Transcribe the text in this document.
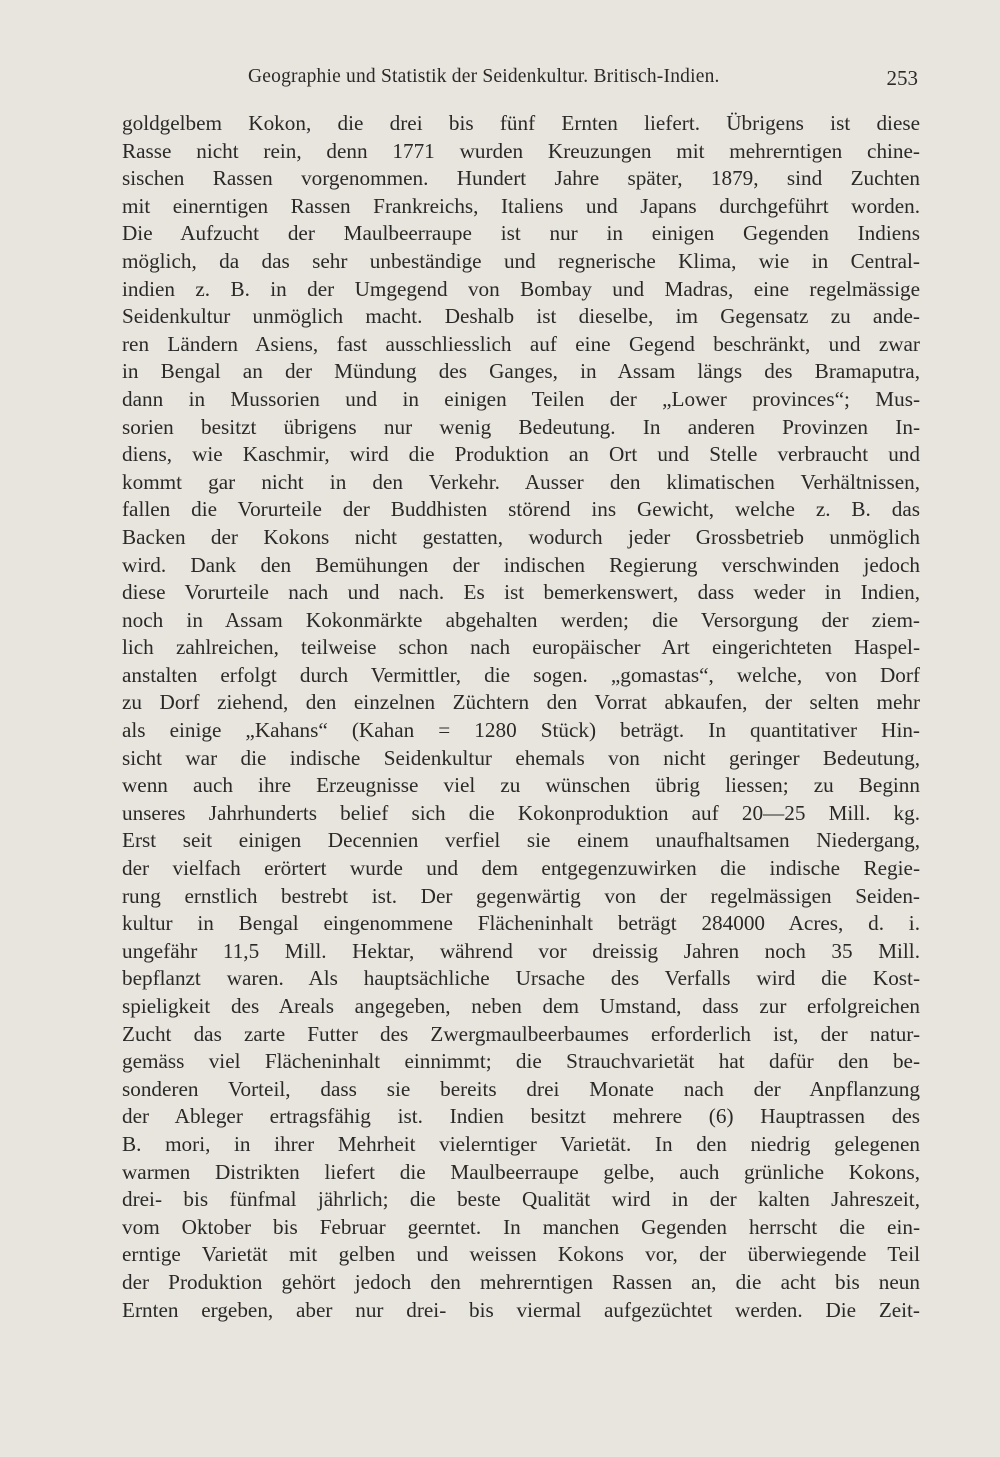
Geographie und Statistik der Seidenkultur. Britisch-Indien.	253
goldgelbem Kokon, die drei bis fünf Ernten liefert. Übrigens ist diese
Rasse nicht rein, denn 1771 wurden Kreuzungen mit mehrerntigen chine-
sischen Rassen vorgenommen. Hundert Jahre später, 1879, sind Zuchten
mit einerntigen Rassen Frankreichs, Italiens und Japans durchgeführt worden.
Die Aufzucht der Maulbeerraupe ist nur in einigen Gegenden Indiens
möglich, da das sehr unbeständige und regnerische Klima, wie in Central-
indien z. B. in der Umgegend von Bombay und Madras, eine regelmässige
Seidenkultur unmöglich macht. Deshalb ist dieselbe, im Gegensatz zu ande-
ren Ländern Asiens, fast ausschliesslich auf eine Gegend beschränkt, und zwar
in Bengal an der Mündung des Ganges, in Assam längs des Bramaputra,
dann in Mussorien und in einigen Teilen der „Lower provinces“; Mus-
sorien besitzt übrigens nur wenig Bedeutung. In anderen Provinzen In-
diens, wie Kaschmir, wird die Produktion an Ort und Stelle verbraucht und
kommt gar nicht in den Verkehr. Ausser den klimatischen Verhältnissen,
fallen die Vorurteile der Buddhisten störend ins Gewicht, welche z. B. das
Backen der Kokons nicht gestatten, wodurch jeder Grossbetrieb unmöglich
wird. Dank den Bemühungen der indischen Regierung verschwinden jedoch
diese Vorurteile nach und nach. Es ist bemerkenswert, dass weder in Indien,
noch in Assam Kokonmärkte abgehalten werden; die Versorgung der ziem-
lich zahlreichen, teilweise schon nach europäischer Art eingerichteten Haspel-
anstalten erfolgt durch Vermittler, die sogen. „gomastas“, welche, von Dorf
zu Dorf ziehend, den einzelnen Züchtern den Vorrat abkaufen, der selten mehr
als einige „Kahans“ (Kahan = 1280 Stück) beträgt. In quantitativer Hin-
sicht war die indische Seidenkultur ehemals von nicht geringer Bedeutung,
wenn auch ihre Erzeugnisse viel zu wünschen übrig liessen; zu Beginn
unseres Jahrhunderts belief sich die Kokonproduktion auf 20—25 Mill. kg.
Erst seit einigen Decennien verfiel sie einem unaufhaltsamen Niedergang,
der vielfach erörtert wurde und dem entgegenzuwirken die indische Regie-
rung ernstlich bestrebt ist. Der gegenwärtig von der regelmässigen Seiden-
kultur in Bengal eingenommene Flächeninhalt beträgt 284000 Acres, d. i.
ungefähr 11,5 Mill. Hektar, während vor dreissig Jahren noch 35 Mill.
bepflanzt waren. Als hauptsächliche Ursache des Verfalls wird die Kost-
spieligkeit des Areals angegeben, neben dem Umstand, dass zur erfolgreichen
Zucht das zarte Futter des Zwergmaulbeerbaumes erforderlich ist, der natur-
gemäss viel Flächeninhalt einnimmt; die Strauchvarietät hat dafür den be-
sonderen Vorteil, dass sie bereits drei Monate nach der Anpflanzung
der Ableger ertragsfähig ist. Indien besitzt mehrere (6) Hauptrassen des
B. mori, in ihrer Mehrheit vielerntiger Varietät. In den niedrig gelegenen
warmen Distrikten liefert die Maulbeerraupe gelbe, auch grünliche Kokons,
drei- bis fünfmal jährlich; die beste Qualität wird in der kalten Jahreszeit,
vom Oktober bis Februar geerntet. In manchen Gegenden herrscht die ein-
erntige Varietät mit gelben und weissen Kokons vor, der überwiegende Teil
der Produktion gehört jedoch den mehrerntigen Rassen an, die acht bis neun
Ernten ergeben, aber nur drei- bis viermal aufgezüchtet werden. Die Zeit-
